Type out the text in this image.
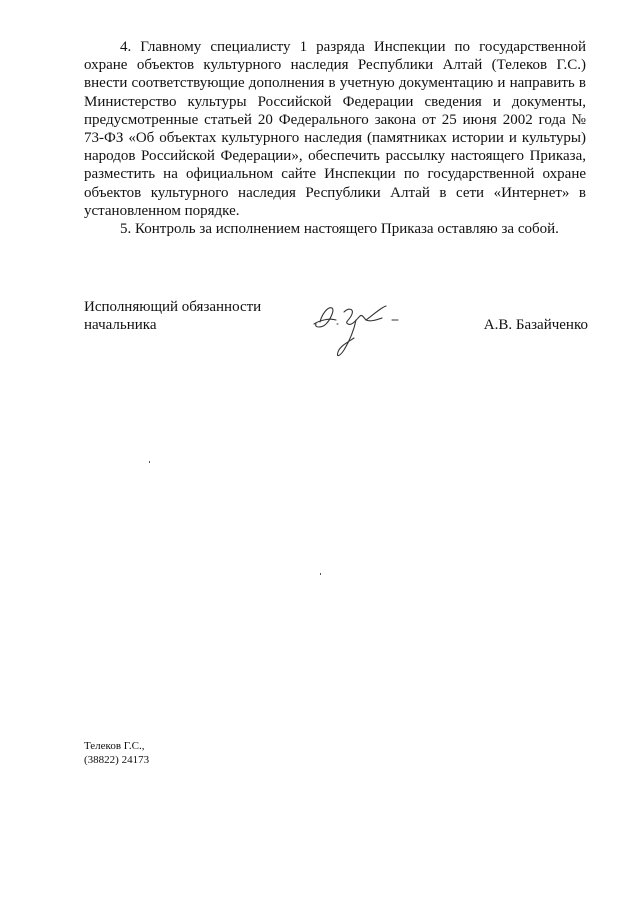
4. Главному специалисту 1 разряда Инспекции по государственной охране объектов культурного наследия Республики Алтай (Телеков Г.С.) внести соответствующие дополнения в учетную документацию и направить в Министерство культуры Российской Федерации сведения и документы, предусмотренные статьей 20 Федерального закона от 25 июня 2002 года № 73-ФЗ «Об объектах культурного наследия (памятниках истории и культуры) народов Российской Федерации», обеспечить рассылку настоящего Приказа, разместить на официальном сайте Инспекции по государственной охране объектов культурного наследия Республики Алтай в сети «Интернет» в установленном порядке.

5. Контроль за исполнением настоящего Приказа оставляю за собой.

Исполняющий обязанности
начальника	А.В. Базайченко
Телеков Г.С.,
(38822) 24173
